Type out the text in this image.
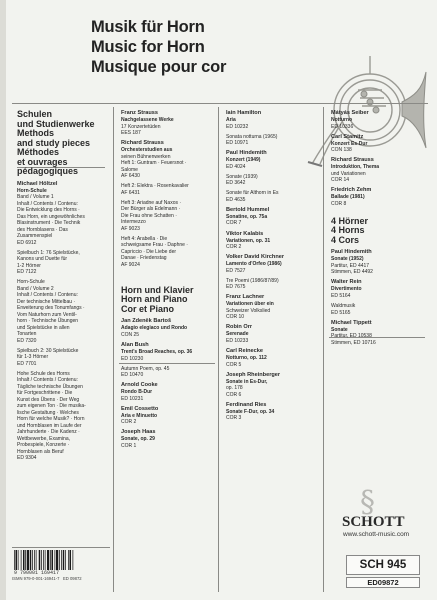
Musik für Horn
Music for Horn
Musique pour cor
Schulen
und Studienwerke
Methods
and study pieces
Méthodes
et ouvrages
pédagogiques
Michael Höltzel
Horn-Schule
Band / Volume 1
Inhalt / Contents / Contenu:
Die Entwicklung des Horns ·
Das Horn, ein ungewöhnliches
Blasinstrument · Die Technik
des Hornblasens · Das
Zusammenspiel
ED 6912
Spielbuch 1: 76 Spielstücke,
Kanons und Duette für
1-2 Hörner
ED 7122
Horn-Schule
Band / Volume 2
Inhalt / Contents / Contenu:
Der technische Mittelbau ·
Erweiterung des Tonumfangs ·
Vom Naturhorn zum Ventil-
horn · Technische Übungen
und Spielstücke in allen
Tonarten
ED 7320
Spielbuch 2: 30 Spielstücke
für 1-3 Hörner
ED 7701
Hohe Schule des Horns
Inhalt / Contents / Contenu:
Tägliche technische Übungen
für Fortgeschrittene · Die
Kunst des Übens · Der Weg
zum eigenen Ton · Die musika-
lische Gestaltung · Welches
Horn für welche Musik? · Horn
und Hornblasen im Laufe der
Jahrhunderte · Die Kadenz ·
Wettbewerbe, Examina,
Probespiele, Konzerte ·
Hornblasen als Beruf
ED 9304
Franz Strauss
Nachgelassene Werke
17 Konzertetüden
EES 187
Richard Strauss
Orchesterstudien aus
seinen Bühnenwerken
Heft 1: Guntram · Feuersnot ·
Salome
AF 6430
Heft 2: Elektra · Rosenkavalier
AF 6431
Heft 3: Ariadne auf Naxos ·
Der Bürger als Edelmann ·
Die Frau ohne Schatten ·
Intermezzo
AF 9023
Heft 4: Arabella · Die
schweigsame Frau · Daphne ·
Capriccio · Die Liebe der
Danae · Friedenstag
AF 9024
Horn und Klavier
Horn and Piano
Cor et Piano
Jan Zdeněk Bartoš
Adagio elegiaco und Rondo
CON 25
Alan Bush
Trent's Broad Reaches, op. 36
ED 10230
Autumn Poem, op. 45
ED 10470
Arnold Cooke
Rondo B-Dur
ED 10231
Emil Cossetto
Aria e Minuetto
COR 2
Joseph Haas
Sonate, op. 29
COR 1
Iain Hamilton
Aria
ED 10232
Sonata notturna (1965)
ED 10971
Paul Hindemith
Konzert (1949)
ED 4024
Sonate (1939)
ED 3642
Sonate für Althorn in Es
ED 4635
Bertold Hummel
Sonatine, op. 75a
COR 7
Viktor Kalabis
Variationen, op. 31
COR 2
Volker David Kirchner
Lamento d'Orfeo (1986)
ED 7527
Tre Poemi (1986/87/89)
ED 7675
Franz Lachner
Variationen über ein
Schweizer Volkslied
COR 10
Robin Orr
Serenade
ED 10233
Carl Reinecke
Notturno, op. 112
COR 5
Joseph Rheinberger
Sonate in Es-Dur,
op. 178
COR 6
Ferdinand Ries
Sonate F-Dur, op. 34
COR 3
Mátyás Seiber
Notturno
ED 10336
Carl Stamitz
Konzert Es-Dur
CON 138
Richard Strauss
Introduktion, Thema
und Variationen
COR 14
Friedrich Zehm
Ballade (1981)
COR 8
4 Hörner
4 Horns
4 Cors
Paul Hindemith
Sonate (1952)
Partitur, ED 4417
Stimmen, ED 4492
Walter Rein
Divertimento
ED 5164
Waldmusik
ED 5165
Michael Tippett
Sonate
Partitur, ED 10538
Stimmen, ED 10716
§
SCHOTT
www.schott-music.com
SCH 945
ED09872
9 790001 169417
ISMN 979-0-001-16941-7 ED 09872
